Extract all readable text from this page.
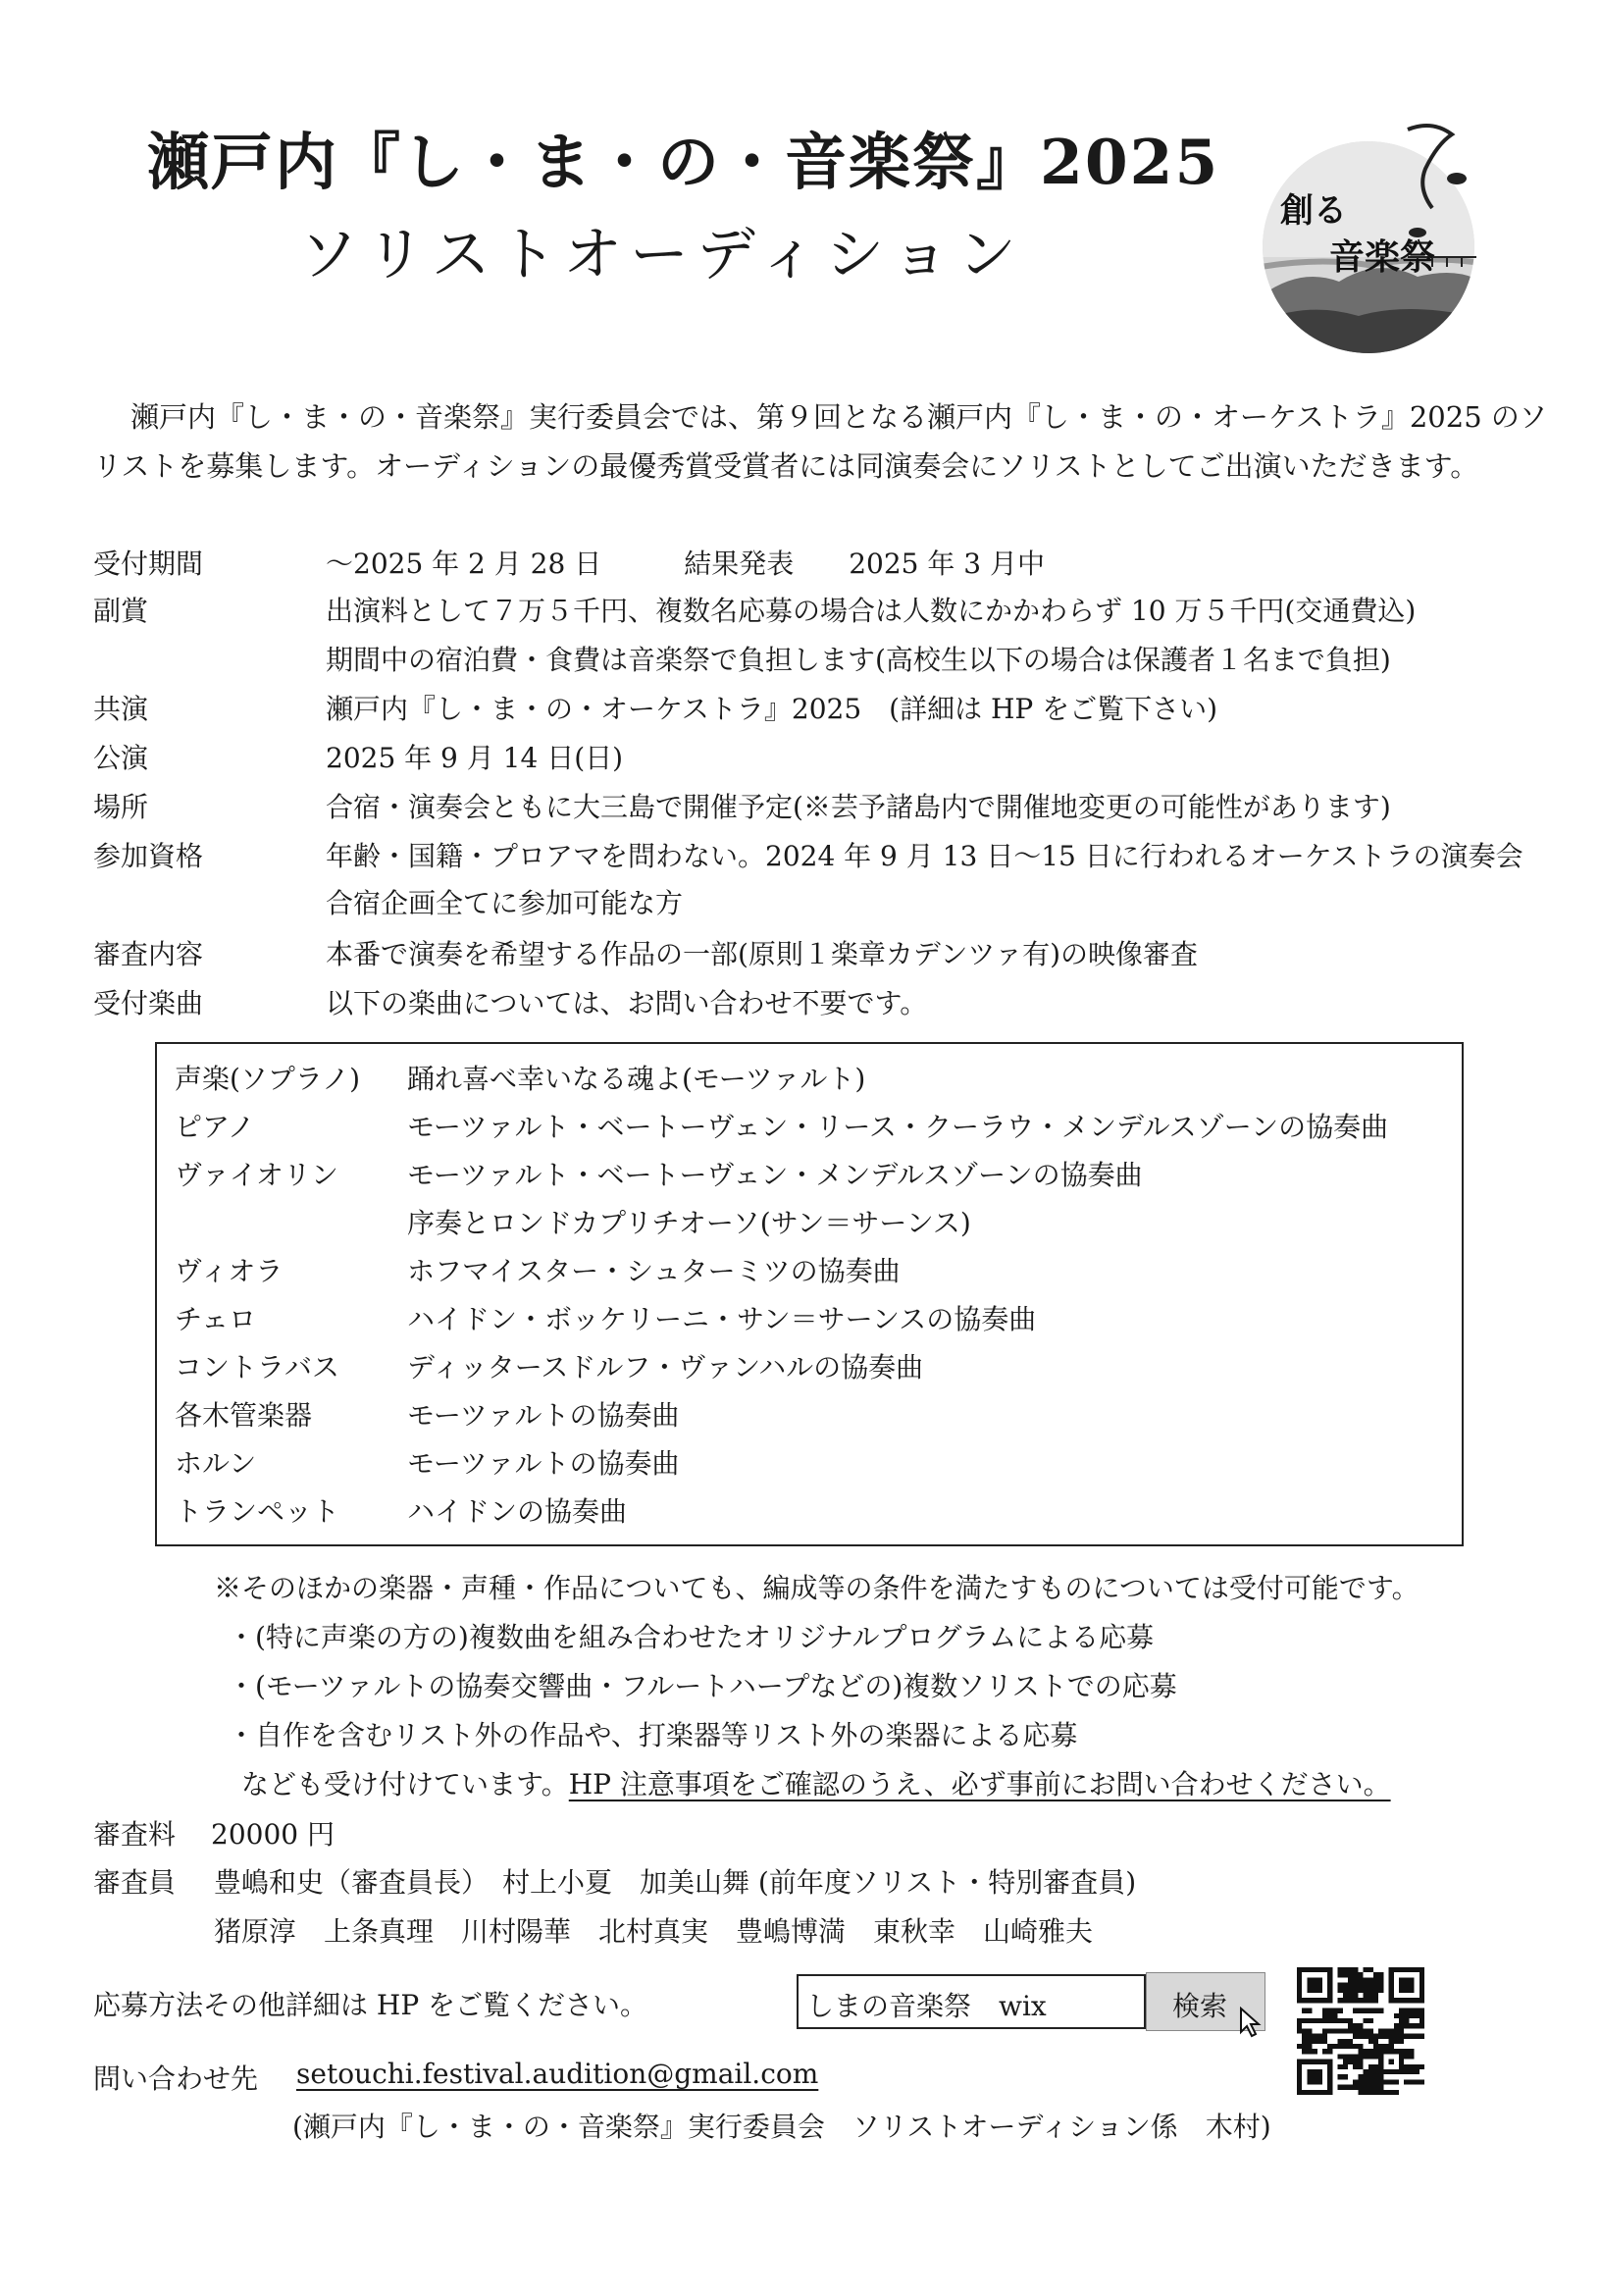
瀬戸内『し・ま・の・音楽祭』2025
ソリストオーディション
創る
音楽祭
瀬戸内『し・ま・の・音楽祭』実行委員会では、第９回となる瀬戸内『し・ま・の・オーケストラ』2025 のソ
リストを募集します。オーディションの最優秀賞受賞者には同演奏会にソリストとしてご出演いただきます。
受付期間	～2025 年 2 月 28 日　　　結果発表　　2025 年 3 月中
副賞	出演料として７万５千円、複数名応募の場合は人数にかかわらず 10 万５千円(交通費込)
期間中の宿泊費・食費は音楽祭で負担します(高校生以下の場合は保護者１名まで負担)
共演	瀬戸内『し・ま・の・オーケストラ』2025　(詳細は HP をご覧下さい)
公演	2025 年 9 月 14 日(日)
場所	合宿・演奏会ともに大三島で開催予定(※芸予諸島内で開催地変更の可能性があります)
参加資格	年齢・国籍・プロアマを問わない。2024 年 9 月 13 日～15 日に行われるオーケストラの演奏会
合宿企画全てに参加可能な方
審査内容	本番で演奏を希望する作品の一部(原則１楽章カデンツァ有)の映像審査
受付楽曲	以下の楽曲については、お問い合わせ不要です。
声楽(ソプラノ) 踊れ喜べ幸いなる魂よ(モーツァルト)
ピアノ	モーツァルト・ベートーヴェン・リース・クーラウ・メンデルスゾーンの協奏曲
ヴァイオリン	モーツァルト・ベートーヴェン・メンデルスゾーンの協奏曲
序奏とロンドカプリチオーソ(サン＝サーンス)
ヴィオラ	ホフマイスター・シュターミツの協奏曲
チェロ	ハイドン・ボッケリーニ・サン＝サーンスの協奏曲
コントラバス ディッタースドルフ・ヴァンハルの協奏曲
各木管楽器	モーツァルトの協奏曲
ホルン	モーツァルトの協奏曲
トランペット ハイドンの協奏曲
※そのほかの楽器・声種・作品についても、編成等の条件を満たすものについては受付可能です。
・(特に声楽の方の)複数曲を組み合わせたオリジナルプログラムによる応募
・(モーツァルトの協奏交響曲・フルートハープなどの)複数ソリストでの応募
・自作を含むリスト外の作品や、打楽器等リスト外の楽器による応募
なども受け付けています。HP 注意事項をご確認のうえ、必ず事前にお問い合わせください。
審査料 20000 円
審査員 豊嶋和史（審査員長）　村上小夏　加美山舞 (前年度ソリスト・特別審査員)
猪原淳　上条真理　川村陽華　北村真実　豊嶋博満　東秋幸　山崎雅夫
応募方法その他詳細は HP をご覧ください。	しまの音楽祭　wix	検索
問い合わせ先 setouchi.festival.audition@gmail.com
(瀬戸内『し・ま・の・音楽祭』実行委員会　ソリストオーディション係　木村)
